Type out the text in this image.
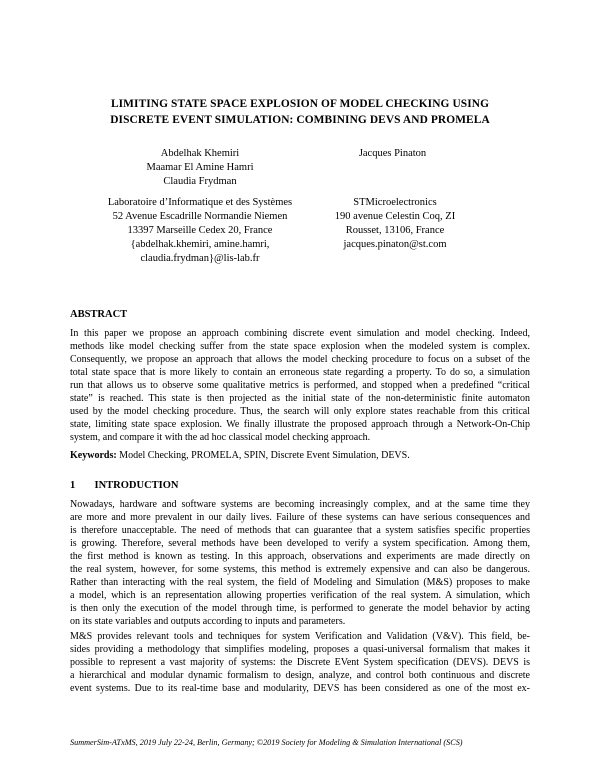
LIMITING STATE SPACE EXPLOSION OF MODEL CHECKING USING
DISCRETE EVENT SIMULATION: COMBINING DEVS AND PROMELA
Abdelhak Khemiri
Maamar El Amine Hamri
Claudia Frydman
Jacques Pinaton
Laboratoire d’Informatique et des Systèmes
52 Avenue Escadrille Normandie Niemen
13397 Marseille Cedex 20, France
{abdelhak.khemiri, amine.hamri,
claudia.frydman}@lis-lab.fr
STMicroelectronics
190 avenue Celestin Coq, ZI
Rousset, 13106, France
jacques.pinaton@st.com
ABSTRACT
In this paper we propose an approach combining discrete event simulation and model checking. Indeed,
methods like model checking suffer from the state space explosion when the modeled system is complex.
Consequently, we propose an approach that allows the model checking procedure to focus on a subset of the
total state space that is more likely to contain an erroneous state regarding a property. To do so, a simulation
run that allows us to observe some qualitative metrics is performed, and stopped when a predefined “critical
state” is reached. This state is then projected as the initial state of the non-deterministic finite automaton
used by the model checking procedure. Thus, the search will only explore states reachable from this critical
state, limiting state space explosion. We finally illustrate the proposed approach through a Network-On-Chip
system, and compare it with the ad hoc classical model checking approach.
Keywords: Model Checking, PROMELA, SPIN, Discrete Event Simulation, DEVS.
1 INTRODUCTION
Nowadays, hardware and software systems are becoming increasingly complex, and at the same time they
are more and more prevalent in our daily lives. Failure of these systems can have serious consequences and
is therefore unacceptable. The need of methods that can guarantee that a system satisfies specific properties
is growing. Therefore, several methods have been developed to verify a system specification. Among them,
the first method is known as testing. In this approach, observations and experiments are made directly on
the real system, however, for some systems, this method is extremely expensive and can also be dangerous.
Rather than interacting with the real system, the field of Modeling and Simulation (M&S) proposes to make
a model, which is an representation allowing properties verification of the real system. A simulation, which
is then only the execution of the model through time, is performed to generate the model behavior by acting
on its state variables and outputs according to inputs and parameters.
M&S provides relevant tools and techniques for system Verification and Validation (V&V). This field, be-
sides providing a methodology that simplifies modeling, proposes a quasi-universal formalism that makes it
possible to represent a vast majority of systems: the Discrete EVent System specification (DEVS). DEVS is
a hierarchical and modular dynamic formalism to design, analyze, and control both continuous and discrete
event systems. Due to its real-time base and modularity, DEVS has been considered as one of the most ex-
SummerSim-ATxMS, 2019 July 22-24, Berlin, Germany; ©2019 Society for Modeling & Simulation International (SCS)
